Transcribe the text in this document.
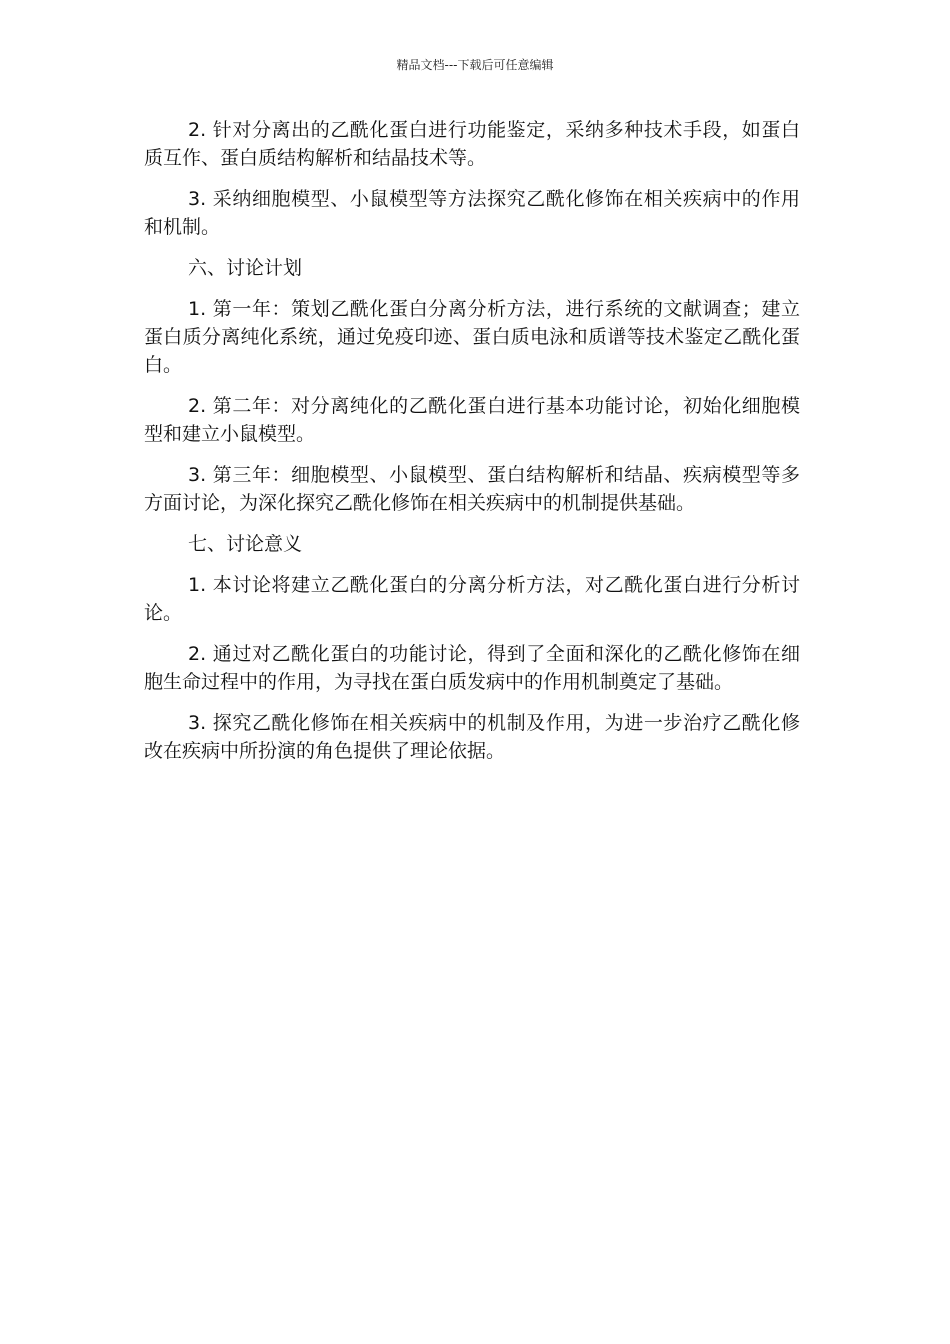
精品文档---下载后可任意编辑

2. 针对分离出的乙酰化蛋白进行功能鉴定，采纳多种技术手段，如蛋白质互作、蛋白质结构解析和结晶技术等。

3. 采纳细胞模型、小鼠模型等方法探究乙酰化修饰在相关疾病中的作用和机制。

六、讨论计划

1. 第一年：策划乙酰化蛋白分离分析方法，进行系统的文献调查；建立蛋白质分离纯化系统，通过免疫印迹、蛋白质电泳和质谱等技术鉴定乙酰化蛋白。

2. 第二年：对分离纯化的乙酰化蛋白进行基本功能讨论，初始化细胞模型和建立小鼠模型。

3. 第三年：细胞模型、小鼠模型、蛋白结构解析和结晶、疾病模型等多方面讨论，为深化探究乙酰化修饰在相关疾病中的机制提供基础。

七、讨论意义

1. 本讨论将建立乙酰化蛋白的分离分析方法，对乙酰化蛋白进行分析讨论。

2. 通过对乙酰化蛋白的功能讨论，得到了全面和深化的乙酰化修饰在细胞生命过程中的作用，为寻找在蛋白质发病中的作用机制奠定了基础。

3. 探究乙酰化修饰在相关疾病中的机制及作用，为进一步治疗乙酰化修改在疾病中所扮演的角色提供了理论依据。
